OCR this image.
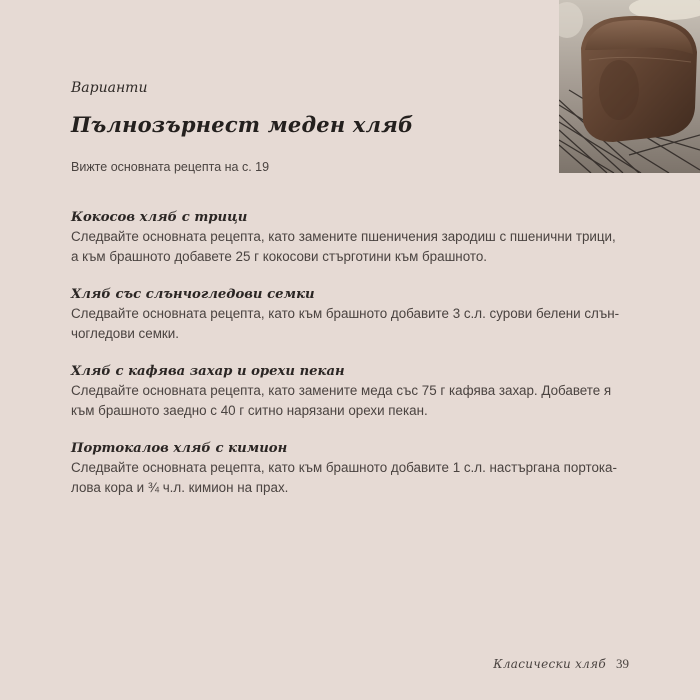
Варианти
Пълнозърнест меден хляб
Вижте основната рецепта на с. 19
Кокосов хляб с трици
Следвайте основната рецепта, като замените пшеничения зародиш с пшенични трици,
а към брашното добавете 25 г кокосови стърготини към брашното.
Хляб със слънчогледови семки
Следвайте основната рецепта, като към брашното добавите 3 с.л. сурови белени слън-
чогледови семки.
Хляб с кафява захар и орехи пекан
Следвайте основната рецепта, като замените меда със 75 г кафява захар. Добавете я
към брашното заедно с 40 г ситно нарязани орехи пекан.
Портокалов хляб с кимион
Следвайте основната рецепта, като към брашното добавите 1 с.л. настъргана портока-
лова кора и ¾ ч.л. кимион на прах.
Класически хляб 39
